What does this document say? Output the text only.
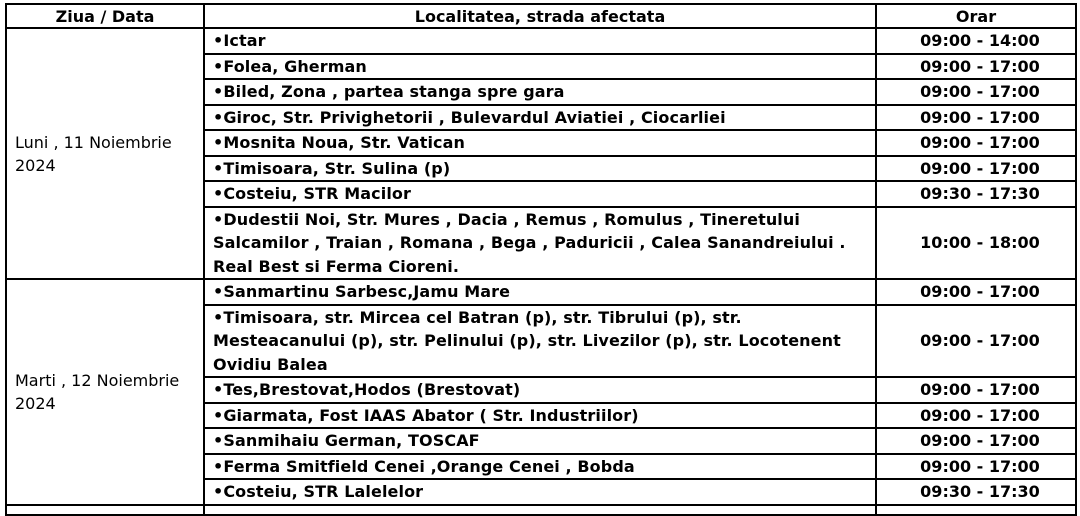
Ziua / Data	Localitatea, strada afectata	Orar
Luni , 11 Noiembrie 2024	•Ictar	09:00 - 14:00
	•Folea, Gherman	09:00 - 17:00
	•Biled, Zona , partea stanga spre gara	09:00 - 17:00
	•Giroc, Str. Privighetorii , Bulevardul Aviatiei , Ciocarliei	09:00 - 17:00
	•Mosnita Noua, Str. Vatican	09:00 - 17:00
	•Timisoara, Str. Sulina (p)	09:00 - 17:00
	•Costeiu, STR Macilor	09:30 - 17:30
	•Dudestii Noi, Str. Mures , Dacia , Remus , Romulus , Tineretului Salcamilor , Traian , Romana , Bega , Paduricii , Calea Sanandreiului . Real Best si Ferma Cioreni.	10:00 - 18:00
Marti , 12 Noiembrie 2024	•Sanmartinu Sarbesc,Jamu Mare	09:00 - 17:00
	•Timisoara, str. Mircea cel Batran (p), str. Tibrului (p), str. Mesteacanului (p), str. Pelinului (p), str. Livezilor (p), str. Locotenent Ovidiu Balea	09:00 - 17:00
	•Tes,Brestovat,Hodos (Brestovat)	09:00 - 17:00
	•Giarmata, Fost IAAS Abator ( Str. Industriilor)	09:00 - 17:00
	•Sanmihaiu German, TOSCAF	09:00 - 17:00
	•Ferma Smitfield Cenei ,Orange Cenei , Bobda	09:00 - 17:00
	•Costeiu, STR Lalelelor	09:30 - 17:30
